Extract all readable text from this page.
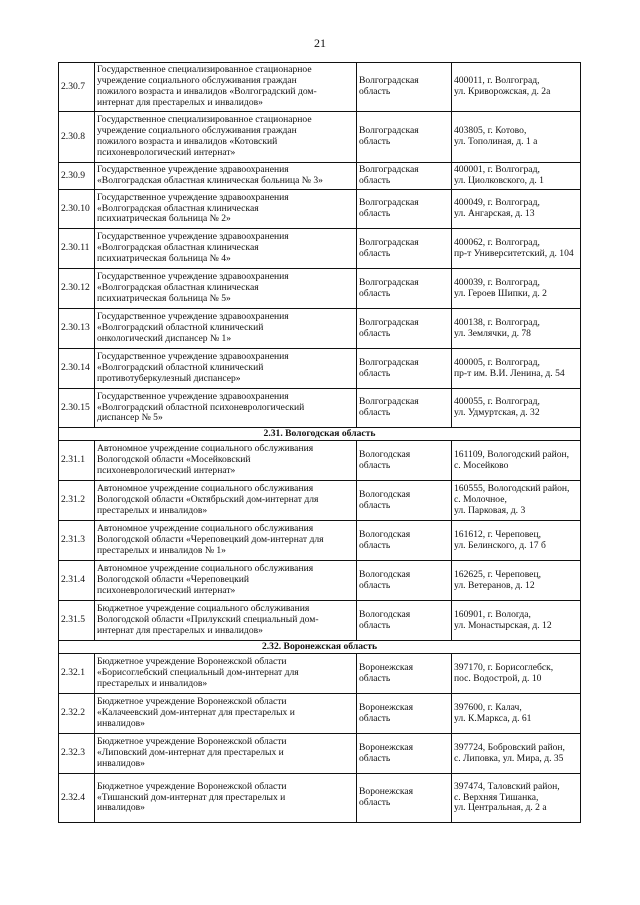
21
2.30.7	Государственное специализированное стационарное
учреждение социального обслуживания граждан
пожилого возраста и инвалидов «Волгоградский дом-
интернат для престарелых и инвалидов»	Волгоградская
область	400011, г. Волгоград,
ул. Криворожская, д. 2а

2.30.8	Государственное специализированное стационарное
учреждение социального обслуживания граждан
пожилого возраста и инвалидов «Котовский
психоневрологический интернат»	Волгоградская
область	403805, г. Котово,
ул. Тополиная, д. 1 а

2.30.9	Государственное учреждение здравоохранения
«Волгоградская областная клиническая больница № 3»	Волгоградская
область	400001, г. Волгоград,
ул. Циолковского, д. 1

2.30.10	Государственное учреждение здравоохранения
«Волгоградская областная клиническая
психиатрическая больница № 2»	Волгоградская
область	400049, г. Волгоград,
ул. Ангарская, д. 13

2.30.11	Государственное учреждение здравоохранения
«Волгоградская областная клиническая
психиатрическая больница № 4»	Волгоградская
область	400062, г. Волгоград,
пр-т Университетский, д. 104

2.30.12	Государственное учреждение здравоохранения
«Волгоградская областная клиническая
психиатрическая больница № 5»	Волгоградская
область	400039, г. Волгоград,
ул. Героев Шипки, д. 2

2.30.13	Государственное учреждение здравоохранения
«Волгоградский областной клинический
онкологический диспансер № 1»	Волгоградская
область	400138, г. Волгоград,
ул. Землячки, д. 78

2.30.14	Государственное учреждение здравоохранения
«Волгоградский областной клинический
противотуберкулезный диспансер»	Волгоградская
область	400005, г. Волгоград,
пр-т им. В.И. Ленина, д. 54

2.30.15	Государственное учреждение здравоохранения
«Волгоградский областной психоневрологический
диспансер № 5»	Волгоградская
область	400055, г. Волгоград,
ул. Удмуртская, д. 32

2.31. Вологодская область			
2.31.1	Автономное учреждение социального обслуживания
Вологодской области «Мосейковский
психоневрологический интернат»	Вологодская
область	161109, Вологодский район,
с. Мосейково

2.31.2	Автономное учреждение социального обслуживания
Вологодской области «Октябрьский дом-интернат для
престарелых и инвалидов»	Вологодская
область	160555, Вологодский район,
с. Молочное,
ул. Парковая, д. 3

2.31.3	Автономное учреждение социального обслуживания
Вологодской области «Череповецкий дом-интернат для
престарелых и инвалидов № 1»	Вологодская
область	161612, г. Череповец,
ул. Белинского, д. 17 б

2.31.4	Автономное учреждение социального обслуживания
Вологодской области «Череповецкий
психоневрологический интернат»	Вологодская
область	162625, г. Череповец,
ул. Ветеранов, д. 12

2.31.5	Бюджетное учреждение социального обслуживания
Вологодской области «Прилукский специальный дом-
интернат для престарелых и инвалидов»	Вологодская
область	160901, г. Вологда,
ул. Монастырская, д. 12

2.32. Воронежская область			
2.32.1	Бюджетное учреждение Воронежской области
«Борисоглебский специальный дом-интернат для
престарелых и инвалидов»	Воронежская
область	397170, г. Борисоглебск,
пос. Водострой, д. 10

2.32.2	Бюджетное учреждение Воронежской области
«Калачеевский дом-интернат для престарелых и
инвалидов»	Воронежская
область	397600, г. Калач,
ул. К.Маркса, д. 61

2.32.3	Бюджетное учреждение Воронежской области
«Липовский дом-интернат для престарелых и
инвалидов»	Воронежская
область	397724, Бобровский район,
с. Липовка, ул. Мира, д. 35

2.32.4	Бюджетное учреждение Воронежской области
«Тишанский дом-интернат для престарелых и
инвалидов»	Воронежская
область	397474, Таловский район,
с. Верхняя Тишанка,
ул. Центральная, д. 2 а
